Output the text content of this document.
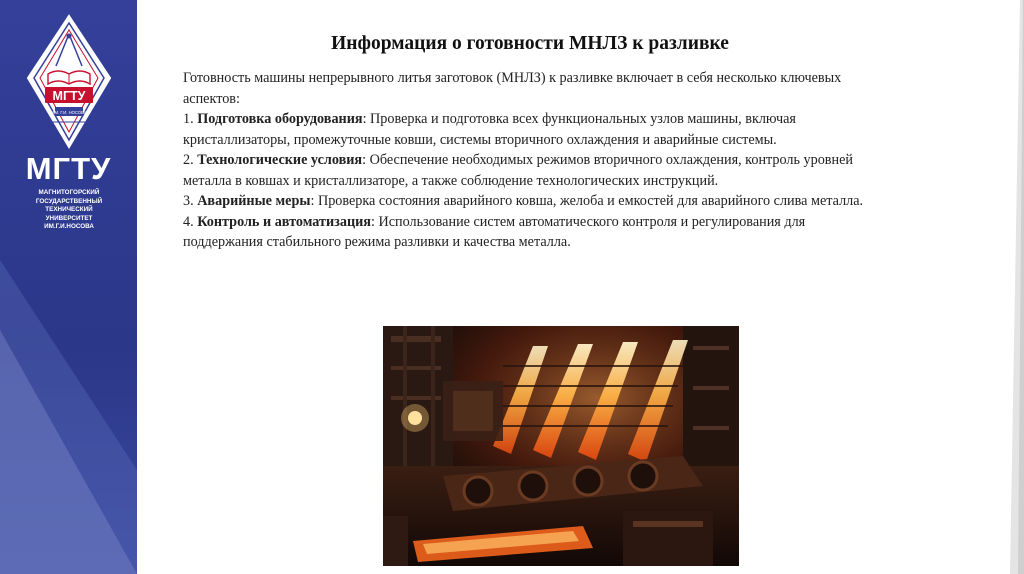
МГТУ
ИМ. Г.И. НОСОВА
МГТУ
МАГНИТОГОРСКИЙ
ГОСУДАРСТВЕННЫЙ
ТЕХНИЧЕСКИЙ
УНИВЕРСИТЕТ
ИМ.Г.И.НОСОВА
Информация о готовности МНЛЗ к разливке

Готовность машины непрерывного литья заготовок (МНЛЗ) к разливке включает в себя несколько ключевых аспектов:

1. Подготовка оборудования: Проверка и подготовка всех функциональных узлов машины, включая кристаллизаторы, промежуточные ковши, системы вторичного охлаждения и аварийные системы.

2. Технологические условия: Обеспечение необходимых режимов вторичного охлаждения, контроль уровней металла в ковшах и кристаллизаторе, а также соблюдение технологических инструкций.

3. Аварийные меры: Проверка состояния аварийного ковша, желоба и емкостей для аварийного слива металла.

4. Контроль и автоматизация: Использование систем автоматического контроля и регулирования для поддержания стабильного режима разливки и качества металла.
